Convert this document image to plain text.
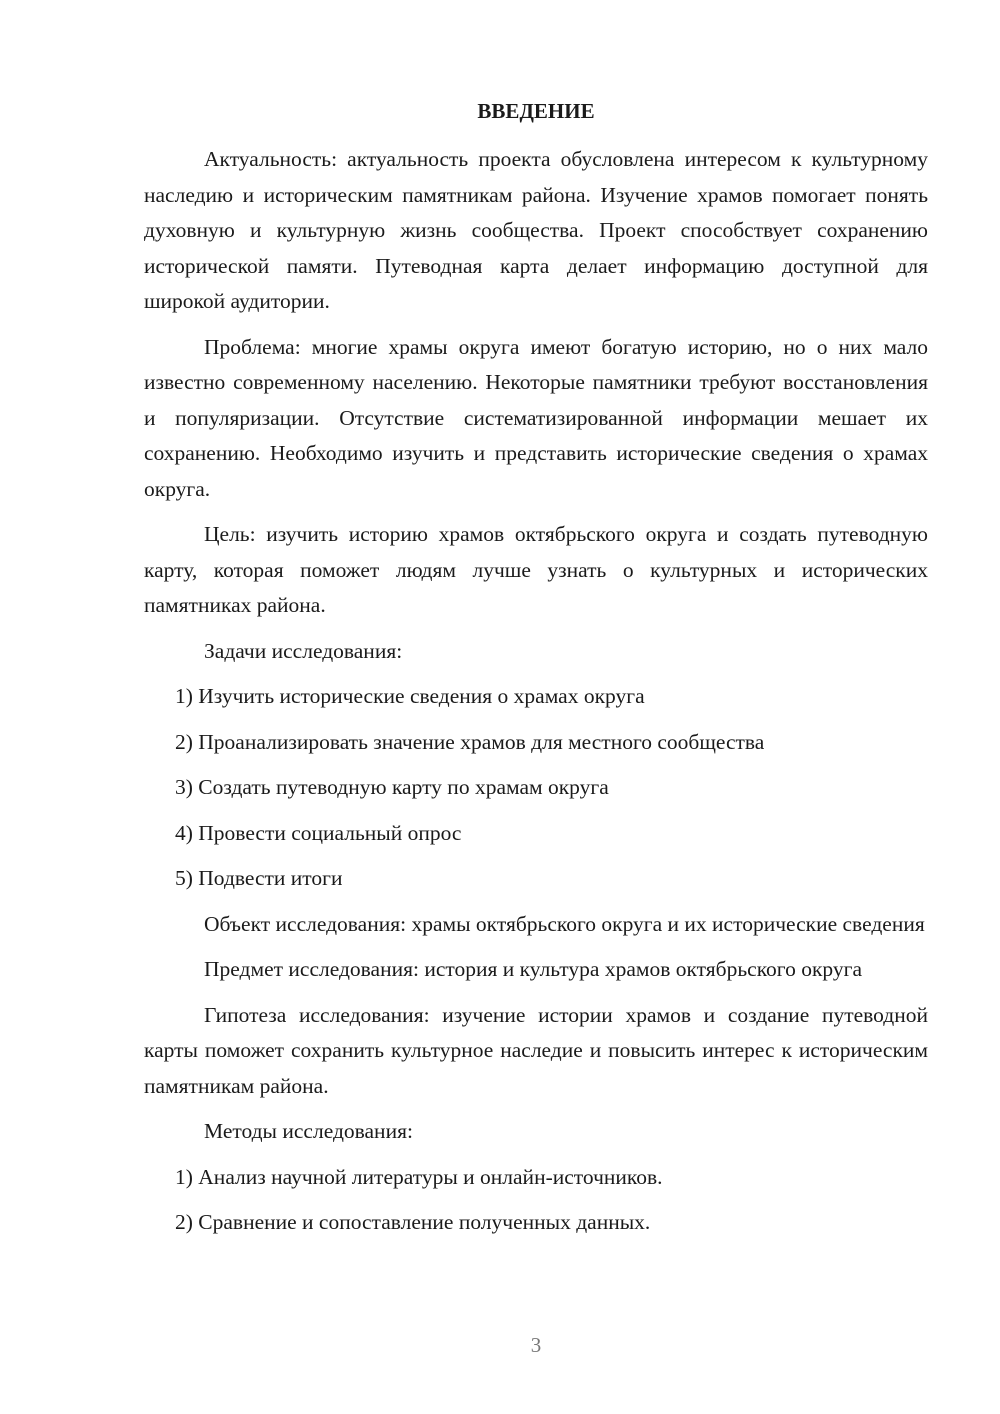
ВВЕДЕНИЕ

Актуальность: актуальность проекта обусловлена интересом к культурному наследию и историческим памятникам района. Изучение храмов помогает понять духовную и культурную жизнь сообщества. Проект способствует сохранению исторической памяти. Путеводная карта делает информацию доступной для широкой аудитории.

Проблема: многие храмы округа имеют богатую историю, но о них мало известно современному населению. Некоторые памятники требуют восстановления и популяризации. Отсутствие систематизированной информации мешает их сохранению. Необходимо изучить и представить исторические сведения о храмах округа.

Цель: изучить историю храмов октябрьского округа и создать путеводную карту, которая поможет людям лучше узнать о культурных и исторических памятниках района.

Задачи исследования:

1) Изучить исторические сведения о храмах округа

2) Проанализировать значение храмов для местного сообщества

3) Создать путеводную карту по храмам округа

4) Провести социальный опрос

5) Подвести итоги

Объект исследования: храмы октябрьского округа и их исторические сведения

Предмет исследования: история и культура храмов октябрьского округа

Гипотеза исследования: изучение истории храмов и создание путеводной карты поможет сохранить культурное наследие и повысить интерес к историческим памятникам района.

Методы исследования:

1) Анализ научной литературы и онлайн-источников.

2) Сравнение и сопоставление полученных данных.

3
